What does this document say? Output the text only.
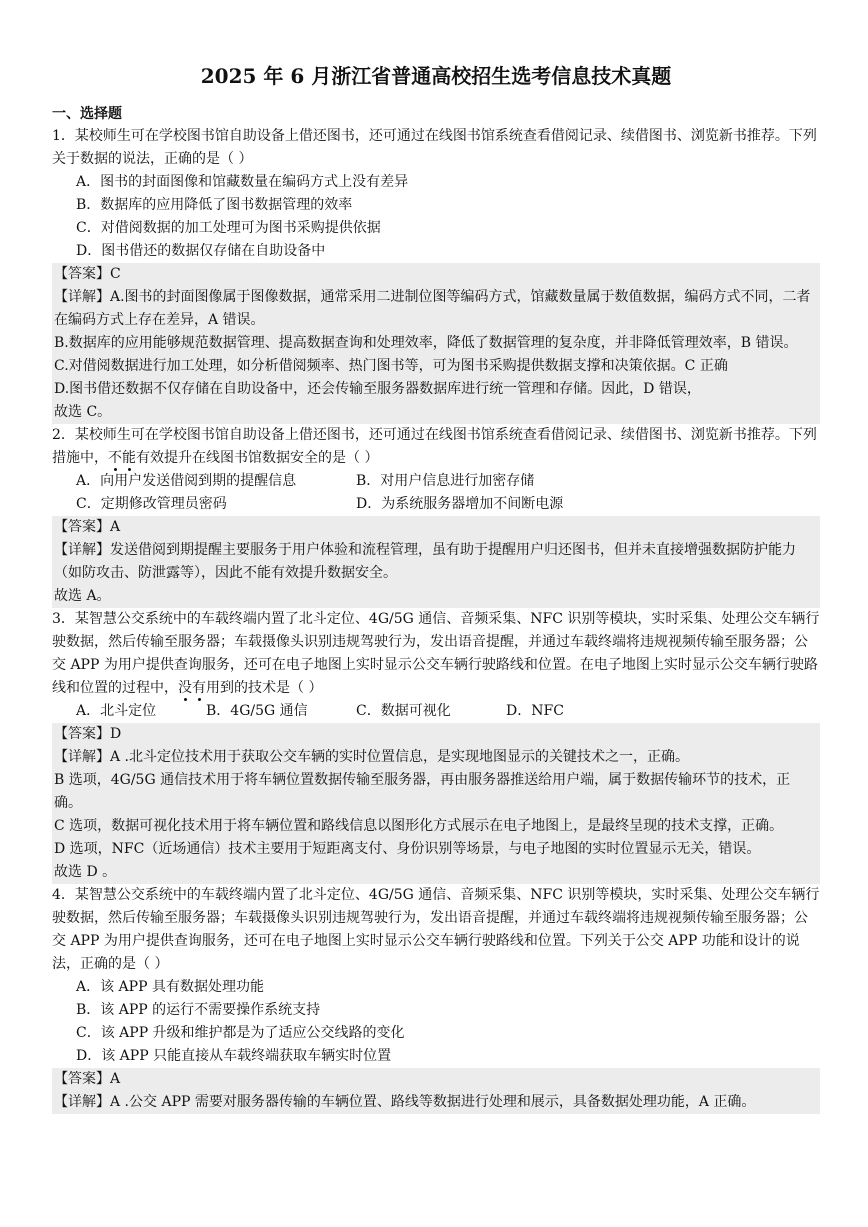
2025 年 6 月浙江省普通高校招生选考信息技术真题
一、选择题

1．某校师生可在学校图书馆自助设备上借还图书，还可通过在线图书馆系统查看借阅记录、续借图书、浏览新书推荐。下列关于数据的说法，正确的是（ ）

A．图书的封面图像和馆藏数量在编码方式上没有差异

B．数据库的应用降低了图书数据管理的效率

C．对借阅数据的加工处理可为图书采购提供依据

D．图书借还的数据仅存储在自助设备中

【答案】C

【详解】A.图书的封面图像属于图像数据，通常采用二进制位图等编码方式，馆藏数量属于数值数据，编码方式不同，二者在编码方式上存在差异，A 错误。

B.数据库的应用能够规范数据管理、提高数据查询和处理效率，降低了数据管理的复杂度，并非降低管理效率，B 错误。

C.对借阅数据进行加工处理，如分析借阅频率、热门图书等，可为图书采购提供数据支撑和决策依据。C 正确

D.图书借还数据不仅存储在自助设备中，还会传输至服务器数据库进行统一管理和存储。因此，D 错误，

故选 C。

2．某校师生可在学校图书馆自助设备上借还图书，还可通过在线图书馆系统查看借阅记录、续借图书、浏览新书推荐。下列措施中，不能有效提升在线图书馆数据安全的是（ ）

A．向用户发送借阅到期的提醒信息	B．对用户信息进行加密存储
C．定期修改管理员密码	D．为系统服务器增加不间断电源

【答案】A

【详解】发送借阅到期提醒主要服务于用户体验和流程管理，虽有助于提醒用户归还图书，但并未直接增强数据防护能力（如防攻击、防泄露等），因此不能有效提升数据安全。

故选 A。

3．某智慧公交系统中的车载终端内置了北斗定位、4G/5G 通信、音频采集、NFC 识别等模块，实时采集、处理公交车辆行驶数据，然后传输至服务器；车载摄像头识别违规驾驶行为，发出语音提醒，并通过车载终端将违规视频传输至服务器；公交 APP 为用户提供查询服务，还可在电子地图上实时显示公交车辆行驶路线和位置。在电子地图上实时显示公交车辆行驶路线和位置的过程中，没有用到的技术是（ ）

A．北斗定位	B．4G/5G 通信	C．数据可视化	D．NFC

【答案】D

【详解】A .北斗定位技术用于获取公交车辆的实时位置信息，是实现地图显示的关键技术之一，正确。

B 选项，4G/5G 通信技术用于将车辆位置数据传输至服务器，再由服务器推送给用户端，属于数据传输环节的技术，正确。

C 选项，数据可视化技术用于将车辆位置和路线信息以图形化方式展示在电子地图上，是最终呈现的技术支撑，正确。

D 选项，NFC（近场通信）技术主要用于短距离支付、身份识别等场景，与电子地图的实时位置显示无关，错误。

故选 D 。

4．某智慧公交系统中的车载终端内置了北斗定位、4G/5G 通信、音频采集、NFC 识别等模块，实时采集、处理公交车辆行驶数据，然后传输至服务器；车载摄像头识别违规驾驶行为，发出语音提醒，并通过车载终端将违规视频传输至服务器；公交 APP 为用户提供查询服务，还可在电子地图上实时显示公交车辆行驶路线和位置。下列关于公交 APP 功能和设计的说法，正确的是（ ）

A．该 APP 具有数据处理功能

B．该 APP 的运行不需要操作系统支持

C．该 APP 升级和维护都是为了适应公交线路的变化

D．该 APP 只能直接从车载终端获取车辆实时位置

【答案】A

【详解】A .公交 APP 需要对服务器传输的车辆位置、路线等数据进行处理和展示，具备数据处理功能，A 正确。
